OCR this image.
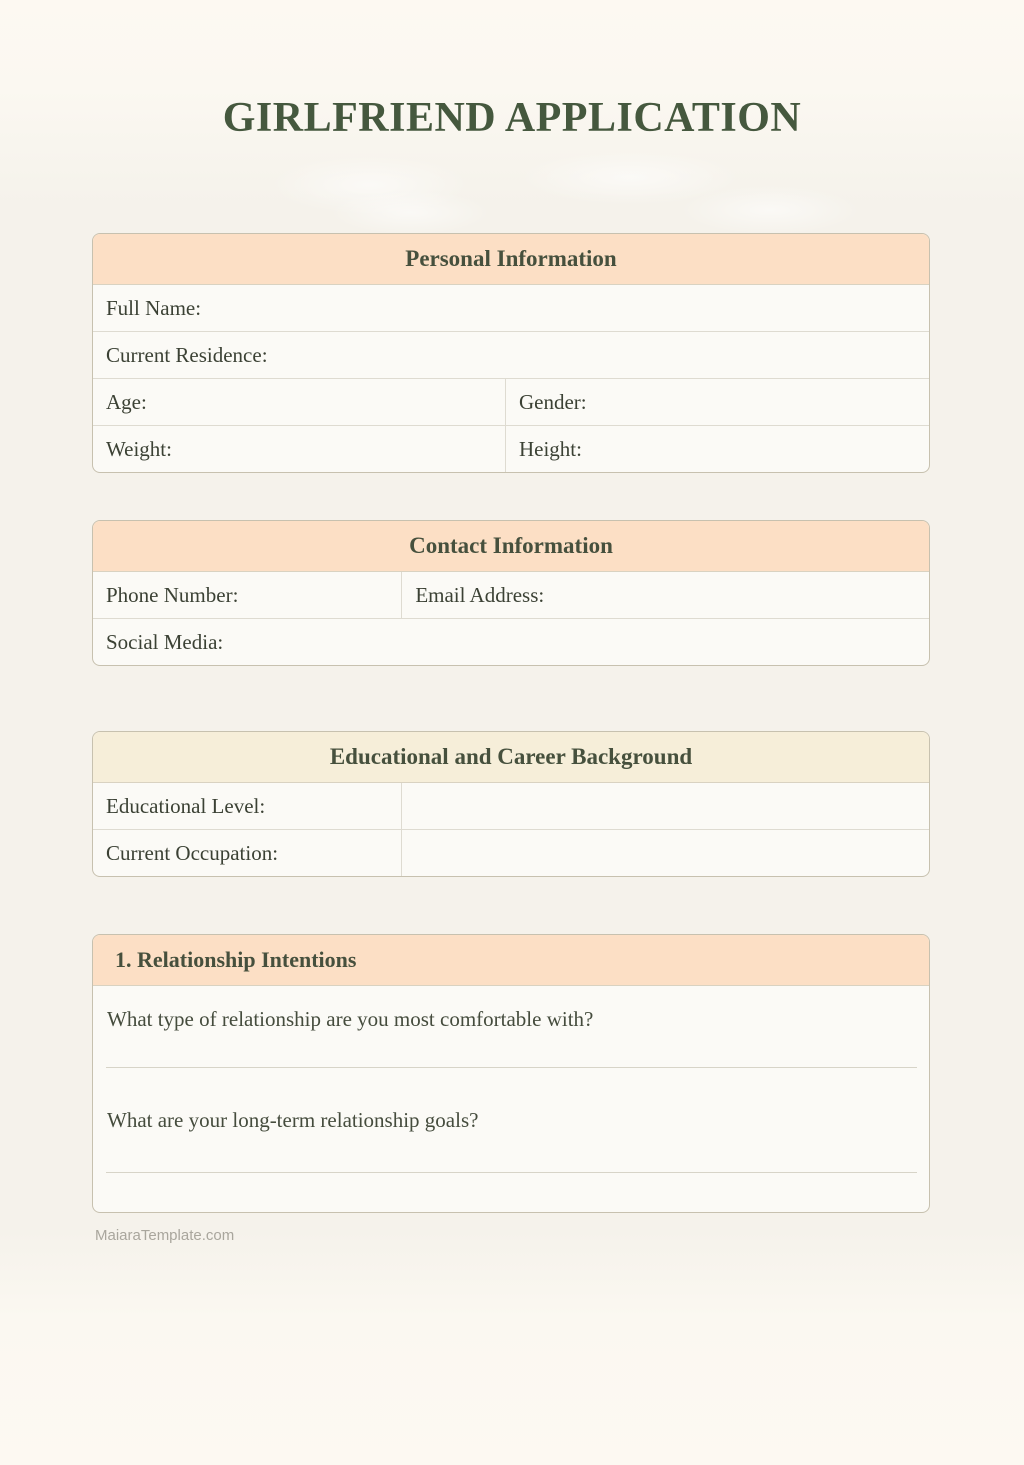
GIRLFRIEND APPLICATION
Personal Information
Full Name:
Current Residence:
Age:	Gender:
Weight:	Height:
Contact Information
Phone Number:	Email Address:
Social Media:
Educational and Career Background
Educational Level:
Current Occupation:
1. Relationship Intentions

What type of relationship are you most comfortable with?

What are your long-term relationship goals?

MaiaraTemplate.com
